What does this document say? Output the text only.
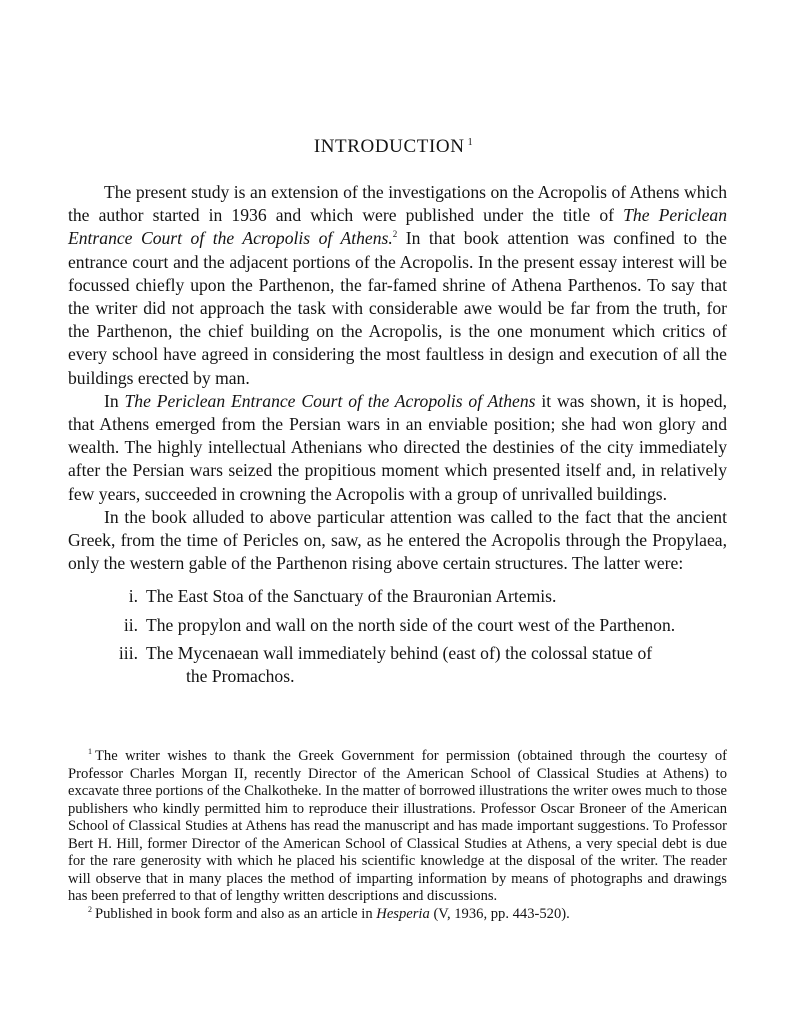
INTRODUCTION $^1$

The present study is an extension of the investigations on the Acropolis of Athens which the author started in 1936 and which were published under the title of The Periclean Entrance Court of the Acropolis of Athens.$^2$ In that book attention was confined to the entrance court and the adjacent portions of the Acropolis. In the present essay interest will be focussed chiefly upon the Parthenon, the far-famed shrine of Athena Parthenos. To say that the writer did not approach the task with considerable awe would be far from the truth, for the Parthenon, the chief building on the Acropolis, is the one monument which critics of every school have agreed in considering the most faultless in design and execution of all the buildings erected by man.

In The Periclean Entrance Court of the Acropolis of Athens it was shown, it is hoped, that Athens emerged from the Persian wars in an enviable position; she had won glory and wealth. The highly intellectual Athenians who directed the destinies of the city immediately after the Persian wars seized the propitious moment which presented itself and, in relatively few years, succeeded in crowning the Acropolis with a group of unrivalled buildings.

In the book alluded to above particular attention was called to the fact that the ancient Greek, from the time of Pericles on, saw, as he entered the Acropolis through the Propylaea, only the western gable of the Parthenon rising above certain structures. The latter were:

i. The East Stoa of the Sanctuary of the Brauronian Artemis.
ii. The propylon and wall on the north side of the court west of the Parthenon.
iii. The Mycenaean wall immediately behind (east of) the colossal statue of
the Promachos.

$^1$ The writer wishes to thank the Greek Government for permission (obtained through the courtesy of Professor Charles Morgan II, recently Director of the American School of Classical Studies at Athens) to excavate three portions of the Chalkotheke. In the matter of borrowed illustrations the writer owes much to those publishers who kindly permitted him to reproduce their illustrations. Professor Oscar Broneer of the American School of Classical Studies at Athens has read the manuscript and has made important suggestions. To Professor Bert H. Hill, former Director of the American School of Classical Studies at Athens, a very special debt is due for the rare generosity with which he placed his scientific knowledge at the disposal of the writer. The reader will observe that in many places the method of imparting information by means of photographs and drawings has been preferred to that of lengthy written descriptions and discussions.

$^2$ Published in book form and also as an article in Hesperia (V, 1936, pp. 443-520).
